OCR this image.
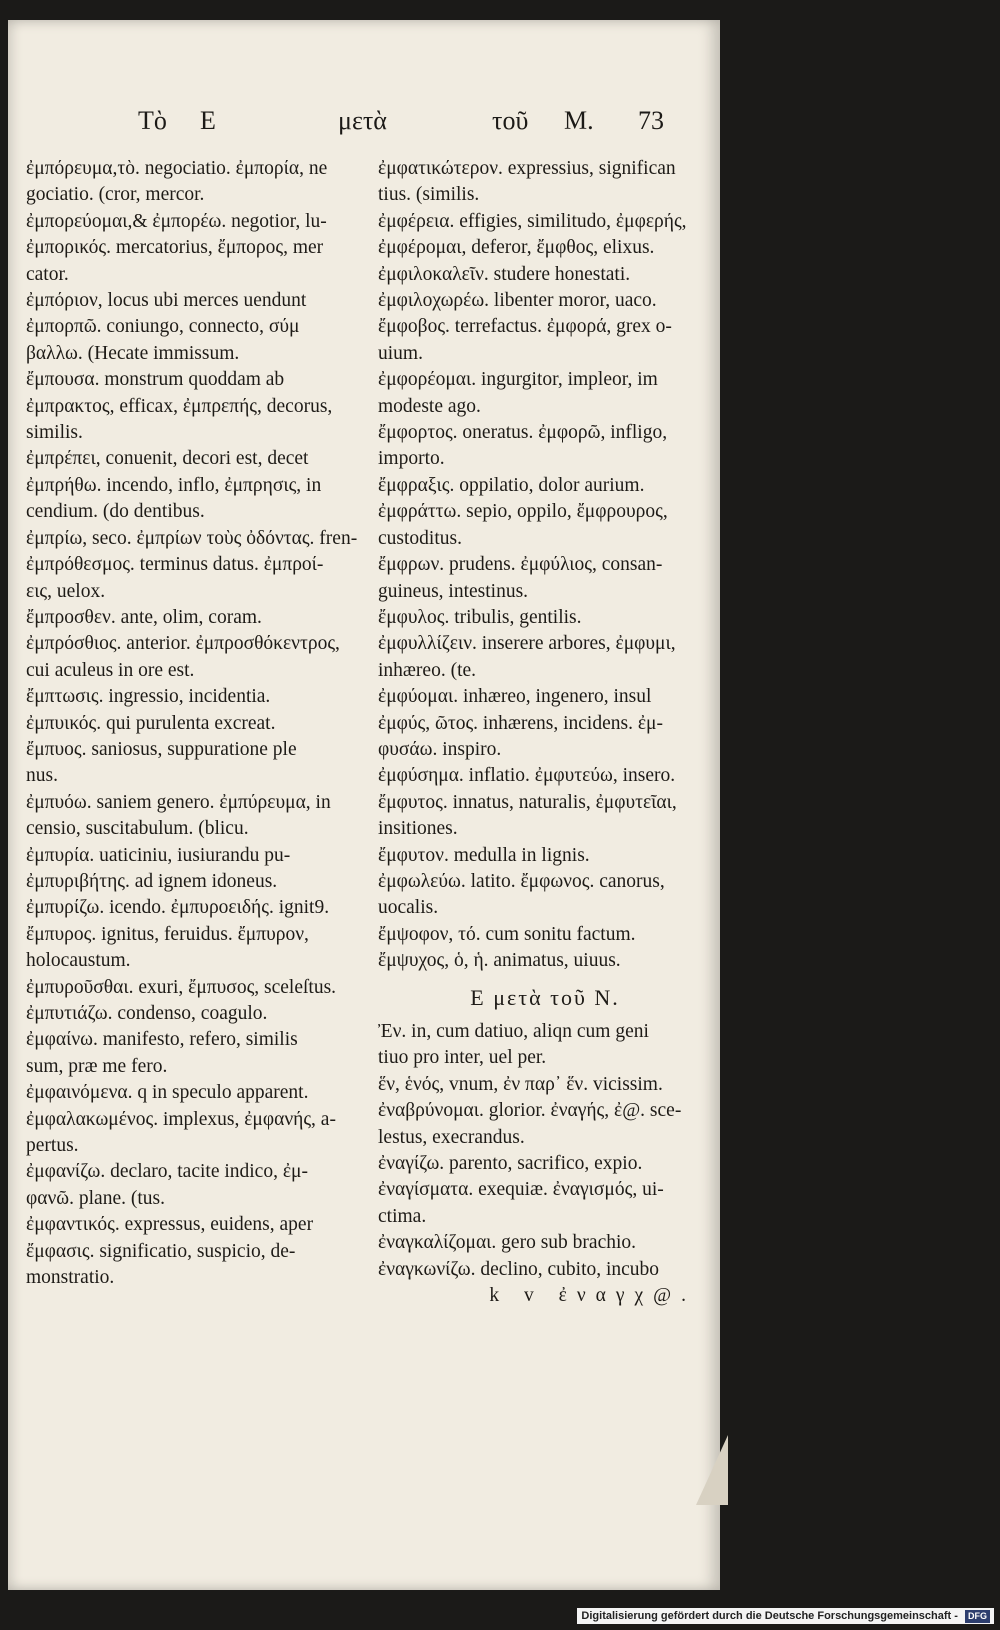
Τὸ Ε	μετὰ	τοῦ Μ. 73
ἐμπόρευμα,τὸ. negociatio. ἐμπορία, ne
gociatio. (cror, mercor.
ἐμπορεύομαι,& ἐμπορέω. negotior, lu-
ἐμπορικός. mercatorius, ἔμπορος, mer
cator.
ἐμπόριον, locus ubi merces uendunt
ἐμπορπῶ. coniungo, connecto, σύμ
βαλλω. (Hecate immissum.
ἔμπουσα. monstrum quoddam ab
ἐμπρακτος, efficax, ἐμπρεπής, decorus,
similis.
ἐμπρέπει, conuenit, decori est, decet
ἐμπρήθω. incendo, inflo, ἐμπρησις, in
cendium. (do dentibus.
ἐμπρίω, seco. ἐμπρίων τοὺς ὀδόντας. fren-
ἐμπρόθεσμος. terminus datus. ἐμπροί-
εις, uelox.
ἔμπροσθεν. ante, olim, coram.
ἐμπρόσθιος. anterior. ἐμπροσθόκεντρος,
cui aculeus in ore est.
ἔμπτωσις. ingressio, incidentia.
ἐμπυικός. qui purulenta excreat.
ἔμπυος. saniosus, suppuratione ple
nus.
ἐμπυόω. saniem genero. ἐμπύρευμα, in
censio, suscitabulum. (blicu.
ἐμπυρία. uaticiniu, iusiurandu pu-
ἐμπυριβήτης. ad ignem idoneus.
ἐμπυρίζω. icendo. ἐμπυροειδής. ignit9.
ἔμπυρος. ignitus, feruidus. ἔμπυρον,
holocaustum.
ἐμπυροῦσθαι. exuri, ἔμπυσος, sceleſtus.
ἐμπυτιάζω. condenso, coagulo.
ἐμφαίνω. manifesto, refero, similis
sum, præ me fero.
ἐμφαινόμενα. q in speculo apparent.
ἐμφαλακωμένος. implexus, ἐμφανής, a-
pertus.
ἐμφανίζω. declaro, tacite indico, ἐμ-
φανῶ. plane. (tus.
ἐμφαντικός. expressus, euidens, aper
ἔμφασις. significatio, suspicio, de-
monstratio.
ἐμφατικώτερον. expressius, significan
tius. (similis.
ἐμφέρεια. effigies, similitudo, ἐμφερής,
ἐμφέρομαι, deferor, ἔμφθος, elixus.
ἐμφιλοκαλεῖν. studere honestati.
ἐμφιλοχωρέω. libenter moror, uaco.
ἔμφοβος. terrefactus. ἐμφορά, grex o-
uium.
ἐμφορέομαι. ingurgitor, impleor, im
modeste ago.
ἔμφορτος. oneratus. ἐμφορῶ, infligo,
importo.
ἔμφραξις. oppilatio, dolor aurium.
ἐμφράττω. sepio, oppilo, ἔμφρουρος,
custoditus.
ἔμφρων. prudens. ἐμφύλιος, consan-
guineus, intestinus.
ἔμφυλος. tribulis, gentilis.
ἐμφυλλίζειν. inserere arbores, ἐμφυμι,
inhæreo. (te.
ἐμφύομαι. inhæreo, ingenero, insul
ἐμφύς, ῶτος. inhærens, incidens. ἐμ-
φυσάω. inspiro.
ἐμφύσημα. inflatio. ἐμφυτεύω, insero.
ἔμφυτος. innatus, naturalis, ἐμφυτεῖαι,
insitiones.
ἔμφυτον. medulla in lignis.
ἐμφωλεύω. latito. ἔμφωνος. canorus,
uocalis.
ἔμψοφον, τό. cum sonitu factum.
ἔμψυχος, ὁ, ἡ. animatus, uiuus.
Ε μετὰ τοῦ Ν.
Ἐν. in, cum datiuo, aliqn cum geni
tiuo pro inter, uel per.
ἕν, ἑνός, vnum, ἐν παρ᾽ ἕν. vicissim.
ἐναβρύνομαι. glorior. ἐναγής, ἐ@. sce-
lestus, execrandus.
ἐναγίζω. parento, sacrifico, expio.
ἐναγίσματα. exequiæ. ἐναγισμός, ui-
ctima.
ἐναγκαλίζομαι. gero sub brachio.
ἐναγκωνίζω. declino, cubito, incubo
k v ἐναγχ@.
Digitalisierung gefördert durch die Deutsche Forschungsgemeinschaft - DFG
